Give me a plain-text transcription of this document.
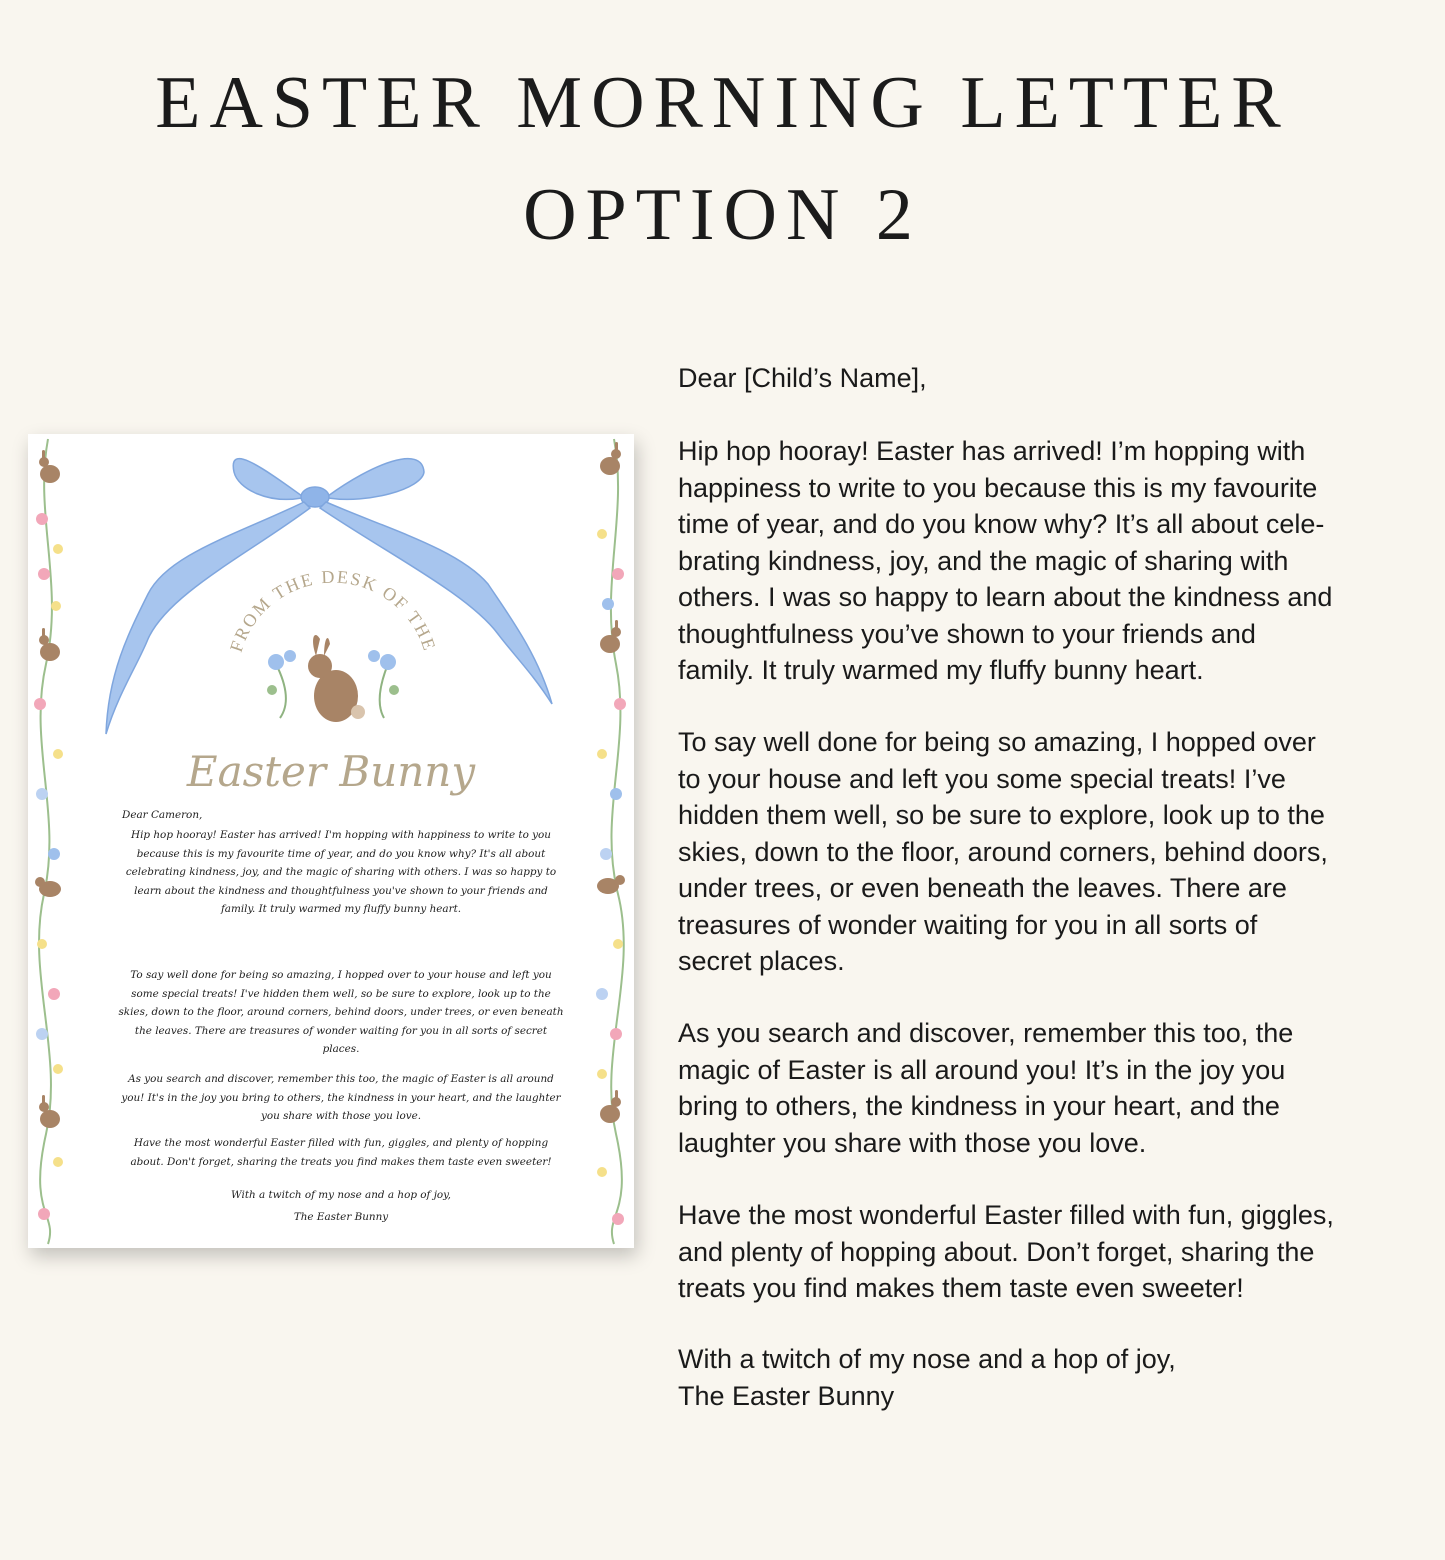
EASTER MORNING LETTER
OPTION 2
FROM THE DESK OF THE
Easter Bunny

Dear Cameron,

Hip hop hooray! Easter has arrived! I'm hopping with happiness to write to you because this is my favourite time of year, and do you know why? It's all about celebrating kindness, joy, and the magic of sharing with others. I was so happy to learn about the kindness and thoughtfulness you've shown to your friends and family. It truly warmed my fluffy bunny heart.

To say well done for being so amazing, I hopped over to your house and left you some special treats! I've hidden them well, so be sure to explore, look up to the skies, down to the floor, around corners, behind doors, under trees, or even beneath the leaves. There are treasures of wonder waiting for you in all sorts of secret places.

As you search and discover, remember this too, the magic of Easter is all around you! It's in the joy you bring to others, the kindness in your heart, and the laughter you share with those you love.

Have the most wonderful Easter filled with fun, giggles, and plenty of hopping about. Don't forget, sharing the treats you find makes them taste even sweeter!

With a twitch of my nose and a hop of joy,

The Easter Bunny

Dear [Child’s Name],

Hip hop hooray! Easter has arrived! I’m hopping with
happiness to write to you because this is my favourite
time of year, and do you know why? It’s all about cele-
brating kindness, joy, and the magic of sharing with
others. I was so happy to learn about the kindness and
thoughtfulness you’ve shown to your friends and
family. It truly warmed my fluffy bunny heart.
To say well done for being so amazing, I hopped over
to your house and left you some special treats! I’ve
hidden them well, so be sure to explore, look up to the
skies, down to the floor, around corners, behind doors,
under trees, or even beneath the leaves. There are
treasures of wonder waiting for you in all sorts of
secret places.
As you search and discover, remember this too, the
magic of Easter is all around you! It’s in the joy you
bring to others, the kindness in your heart, and the
laughter you share with those you love.
Have the most wonderful Easter filled with fun, giggles,
and plenty of hopping about. Don’t forget, sharing the
treats you find makes them taste even sweeter!
With a twitch of my nose and a hop of joy,
The Easter Bunny
